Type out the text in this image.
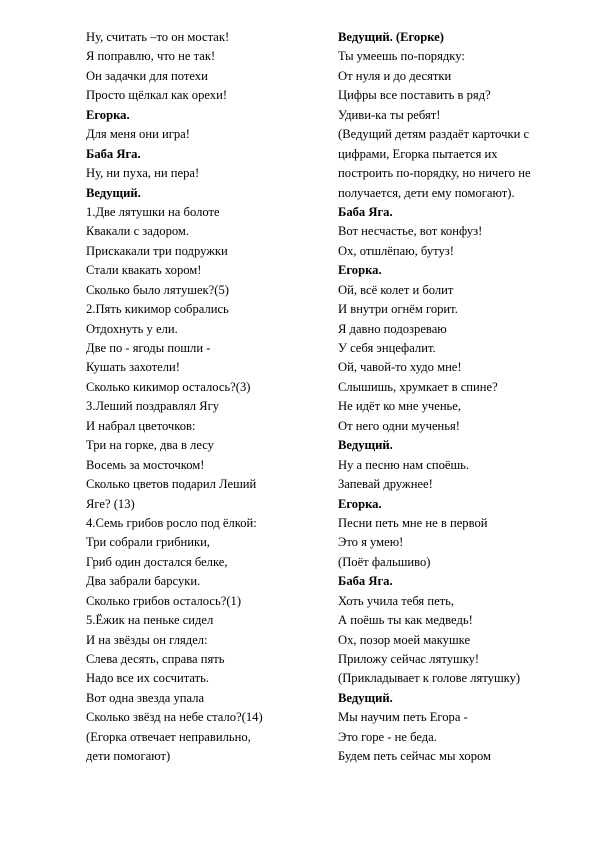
Ну, считать –то он мостак!
Я поправлю, что не так!
Он задачки для потехи
Просто щёлкал как орехи!
Егорка.
Для меня они игра!
Баба Яга.
Ну, ни пуха, ни пера!
Ведущий.
1.Две лятушки на болоте
Квакали с задором.
Прискакали три подружки
Стали квакать хором!
Сколько было лятушек?(5)
2.Пять кикимор собрались
Отдохнуть у ели.
Две по - ягоды пошли -
Кушать захотели!
Сколько кикимор осталось?(3)
3.Леший поздравлял Ягу
И набрал цветочков:
Три на горке, два в лесу
Восемь за мосточком!
Сколько цветов подарил Леший
Яге? (13)
4.Семь грибов росло под ёлкой:
Три собрали грибники,
Гриб один достался белке,
Два забрали барсуки.
Сколько грибов осталось?(1)
5.Ёжик на пеньке сидел
И на звёзды он глядел:
Слева десять, справа пять
Надо все их сосчитать.
Вот одна звезда упала
Сколько звёзд на небе стало?(14)
(Егорка отвечает неправильно,
дети помогают)
Ведущий. (Егорке)
Ты умеешь по-порядку:
От нуля и до десятки
Цифры все поставить в ряд?
Удиви-ка ты ребят!
(Ведущий детям раздаёт карточки с
цифрами, Егорка пытается их
построить по-порядку, но ничего не
получается, дети ему помогают).
Баба Яга.
Вот несчастье, вот конфуз!
Ох, отшлёпаю, бутуз!
Егорка.
Ой, всё колет и болит
И внутри огнём горит.
Я давно подозреваю
У себя энцефалит.
Ой, чавой-то худо мне!
Слышишь, хрумкает в спине?
Не идёт ко мне ученье,
От него одни мученья!
Ведущий.
Ну а песню нам споёшь.
Запевай дружнее!
Егорка.
Песни петь мне не в первой
Это я умею!
(Поёт фальшиво)
Баба Яга.
Хоть учила тебя петь,
А поёшь ты как медведь!
Ох, позор моей макушке
Приложу сейчас лятушку!
(Прикладывает к голове лятушку)
Ведущий.
Мы научим петь Егора -
Это горе - не беда.
Будем петь сейчас мы хором
